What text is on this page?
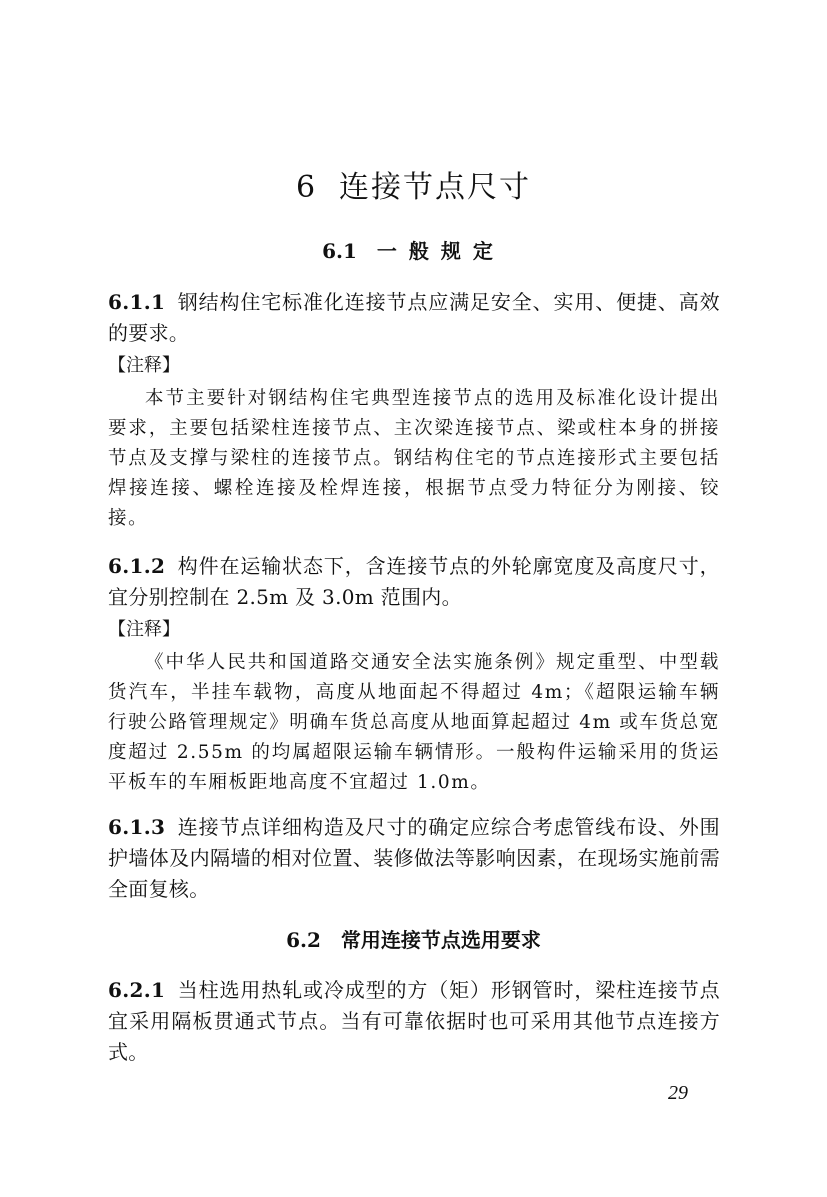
6 连接节点尺寸
6.1 一般规定

6.1.1 钢结构住宅标准化连接节点应满足安全、实用、便捷、高效的要求。

【注释】

本节主要针对钢结构住宅典型连接节点的选用及标准化设计提出要求，主要包括梁柱连接节点、主次梁连接节点、梁或柱本身的拼接节点及支撑与梁柱的连接节点。钢结构住宅的节点连接形式主要包括焊接连接、螺栓连接及栓焊连接，根据节点受力特征分为刚接、铰接。

6.1.2 构件在运输状态下，含连接节点的外轮廓宽度及高度尺寸，宜分别控制在 2.5m 及 3.0m 范围内。

【注释】

《中华人民共和国道路交通安全法实施条例》规定重型、中型载货汽车，半挂车载物，高度从地面起不得超过 4m；《超限运输车辆行驶公路管理规定》明确车货总高度从地面算起超过 4m 或车货总宽度超过 2.55m 的均属超限运输车辆情形。一般构件运输采用的货运平板车的车厢板距地高度不宜超过 1.0m。

6.1.3 连接节点详细构造及尺寸的确定应综合考虑管线布设、外围护墙体及内隔墙的相对位置、装修做法等影响因素，在现场实施前需全面复核。

6.2 常用连接节点选用要求

6.2.1 当柱选用热轧或冷成型的方（矩）形钢管时，梁柱连接节点宜采用隔板贯通式节点。当有可靠依据时也可采用其他节点连接方式。

29
